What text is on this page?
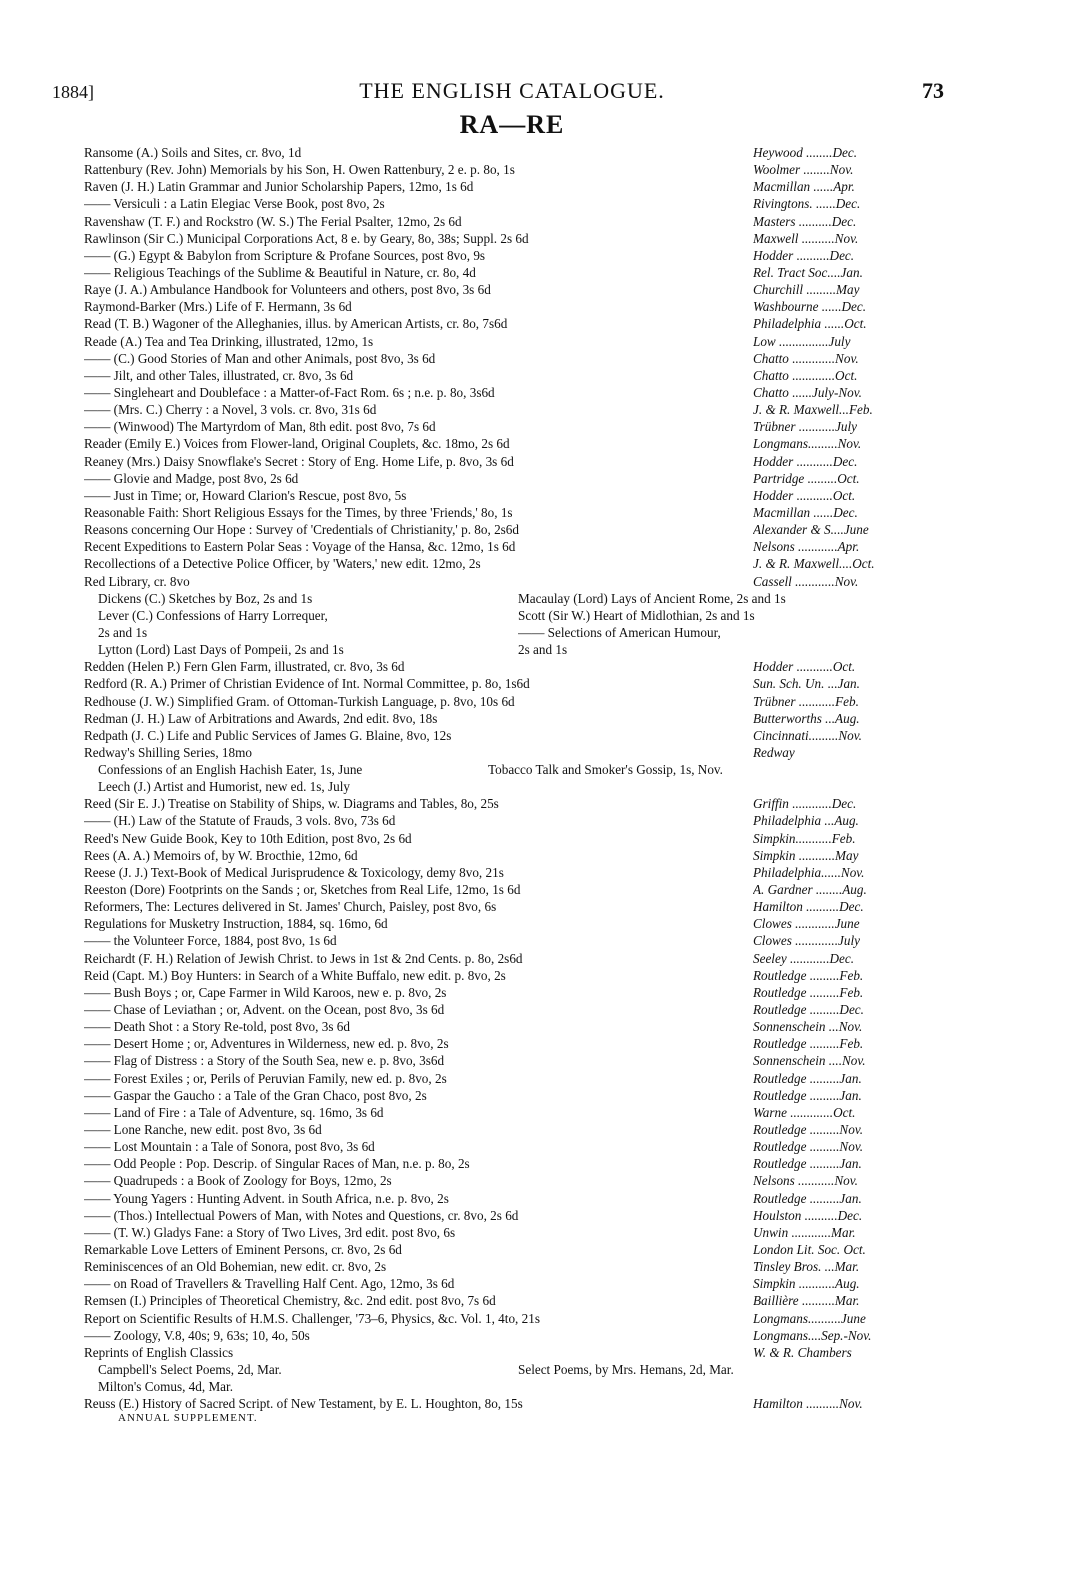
1884]	THE ENGLISH CATALOGUE.	73
RA—RE
Ransome (A.) Soils and Sites, cr. 8vo, 1d	Heywood ........Dec.
Rattenbury (Rev. John) Memorials by his Son, H. Owen Rattenbury, 2 e. p. 8o, 1s	Woolmer ........Nov.
Raven (J. H.) Latin Grammar and Junior Scholarship Papers, 12mo, 1s 6d	Macmillan ......Apr.
—— Versiculi : a Latin Elegiac Verse Book, post 8vo, 2s	Rivingtons. ......Dec.
Ravenshaw (T. F.) and Rockstro (W. S.) The Ferial Psalter, 12mo, 2s 6d	Masters ..........Dec.
Rawlinson (Sir C.) Municipal Corporations Act, 8 e. by Geary, 8o, 38s; Suppl. 2s 6d	Maxwell ..........Nov.
—— (G.) Egypt & Babylon from Scripture & Profane Sources, post 8vo, 9s	Hodder ..........Dec.
—— Religious Teachings of the Sublime & Beautiful in Nature, cr. 8o, 4d	Rel. Tract Soc....Jan.
Raye (J. A.) Ambulance Handbook for Volunteers and others, post 8vo, 3s 6d	Churchill .........May
Raymond-Barker (Mrs.) Life of F. Hermann, 3s 6d	Washbourne ......Dec.
Read (T. B.) Wagoner of the Alleghanies, illus. by American Artists, cr. 8o, 7s6d	Philadelphia ......Oct.
Reade (A.) Tea and Tea Drinking, illustrated, 12mo, 1s	Low ...............July
—— (C.) Good Stories of Man and other Animals, post 8vo, 3s 6d	Chatto .............Nov.
—— Jilt, and other Tales, illustrated, cr. 8vo, 3s 6d	Chatto .............Oct.
—— Singleheart and Doubleface : a Matter-of-Fact Rom. 6s ; n.e. p. 8o, 3s6d	Chatto ......July-Nov.
—— (Mrs. C.) Cherry : a Novel, 3 vols. cr. 8vo, 31s 6d	J. & R. Maxwell...Feb.
—— (Winwood) The Martyrdom of Man, 8th edit. post 8vo, 7s 6d	Trübner ...........July
Reader (Emily E.) Voices from Flower-land, Original Couplets, &c. 18mo, 2s 6d	Longmans.........Nov.
Reaney (Mrs.) Daisy Snowflake's Secret : Story of Eng. Home Life, p. 8vo, 3s 6d	Hodder ...........Dec.
—— Glovie and Madge, post 8vo, 2s 6d	Partridge .........Oct.
—— Just in Time; or, Howard Clarion's Rescue, post 8vo, 5s	Hodder ...........Oct.
Reasonable Faith: Short Religious Essays for the Times, by three 'Friends,' 8o, 1s	Macmillan ......Dec.
Reasons concerning Our Hope : Survey of 'Credentials of Christianity,' p. 8o, 2s6d	Alexander & S....June
Recent Expeditions to Eastern Polar Seas : Voyage of the Hansa, &c. 12mo, 1s 6d	Nelsons ............Apr.
Recollections of a Detective Police Officer, by 'Waters,' new edit. 12mo, 2s	J. & R. Maxwell....Oct.
Red Library, cr. 8vo	Cassell ............Nov.
Dickens (C.) Sketches by Boz, 2s and 1s	Macaulay (Lord) Lays of Ancient Rome, 2s and 1s
Lever (C.) Confessions of Harry Lorrequer,	Scott (Sir W.) Heart of Midlothian, 2s and 1s
2s and 1s	—— Selections of American Humour,
Lytton (Lord) Last Days of Pompeii, 2s and 1s	2s and 1s
Redden (Helen P.) Fern Glen Farm, illustrated, cr. 8vo, 3s 6d	Hodder ...........Oct.
Redford (R. A.) Primer of Christian Evidence of Int. Normal Committee, p. 8o, 1s6d	Sun. Sch. Un. ...Jan.
Redhouse (J. W.) Simplified Gram. of Ottoman-Turkish Language, p. 8vo, 10s 6d	Trübner ...........Feb.
Redman (J. H.) Law of Arbitrations and Awards, 2nd edit. 8vo, 18s	Butterworths ...Aug.
Redpath (J. C.) Life and Public Services of James G. Blaine, 8vo, 12s	Cincinnati.........Nov.
Redway's Shilling Series, 18mo	Redway
Confessions of an English Hachish Eater, 1s, June	Tobacco Talk and Smoker's Gossip, 1s, Nov.
Leech (J.) Artist and Humorist, new ed. 1s, July
Reed (Sir E. J.) Treatise on Stability of Ships, w. Diagrams and Tables, 8o, 25s	Griffin ............Dec.
—— (H.) Law of the Statute of Frauds, 3 vols. 8vo, 73s 6d	Philadelphia ...Aug.
Reed's New Guide Book, Key to 10th Edition, post 8vo, 2s 6d	Simpkin...........Feb.
Rees (A. A.) Memoirs of, by W. Brocthie, 12mo, 6d	Simpkin ...........May
Reese (J. J.) Text-Book of Medical Jurisprudence & Toxicology, demy 8vo, 21s	Philadelphia......Nov.
Reeston (Dore) Footprints on the Sands ; or, Sketches from Real Life, 12mo, 1s 6d	A. Gardner ........Aug.
Reformers, The: Lectures delivered in St. James' Church, Paisley, post 8vo, 6s	Hamilton ..........Dec.
Regulations for Musketry Instruction, 1884, sq. 16mo, 6d	Clowes ............June
—— the Volunteer Force, 1884, post 8vo, 1s 6d	Clowes .............July
Reichardt (F. H.) Relation of Jewish Christ. to Jews in 1st & 2nd Cents. p. 8o, 2s6d	Seeley ............Dec.
Reid (Capt. M.) Boy Hunters: in Search of a White Buffalo, new edit. p. 8vo, 2s	Routledge .........Feb.
—— Bush Boys ; or, Cape Farmer in Wild Karoos, new e. p. 8vo, 2s	Routledge .........Feb.
—— Chase of Leviathan ; or, Advent. on the Ocean, post 8vo, 3s 6d	Routledge .........Dec.
—— Death Shot : a Story Re-told, post 8vo, 3s 6d	Sonnenschein ...Nov.
—— Desert Home ; or, Adventures in Wilderness, new ed. p. 8vo, 2s	Routledge .........Feb.
—— Flag of Distress : a Story of the South Sea, new e. p. 8vo, 3s6d	Sonnenschein ....Nov.
—— Forest Exiles ; or, Perils of Peruvian Family, new ed. p. 8vo, 2s	Routledge .........Jan.
—— Gaspar the Gaucho : a Tale of the Gran Chaco, post 8vo, 2s	Routledge .........Jan.
—— Land of Fire : a Tale of Adventure, sq. 16mo, 3s 6d	Warne .............Oct.
—— Lone Ranche, new edit. post 8vo, 3s 6d	Routledge .........Nov.
—— Lost Mountain : a Tale of Sonora, post 8vo, 3s 6d	Routledge .........Nov.
—— Odd People : Pop. Descrip. of Singular Races of Man, n.e. p. 8o, 2s	Routledge .........Jan.
—— Quadrupeds : a Book of Zoology for Boys, 12mo, 2s	Nelsons ...........Nov.
—— Young Yagers : Hunting Advent. in South Africa, n.e. p. 8vo, 2s	Routledge .........Jan.
—— (Thos.) Intellectual Powers of Man, with Notes and Questions, cr. 8vo, 2s 6d	Houlston ..........Dec.
—— (T. W.) Gladys Fane: a Story of Two Lives, 3rd edit. post 8vo, 6s	Unwin ............Mar.
Remarkable Love Letters of Eminent Persons, cr. 8vo, 2s 6d	London Lit. Soc. Oct.
Reminiscences of an Old Bohemian, new edit. cr. 8vo, 2s	Tinsley Bros. ...Mar.
—— on Road of Travellers & Travelling Half Cent. Ago, 12mo, 3s 6d	Simpkin ...........Aug.
Remsen (I.) Principles of Theoretical Chemistry, &c. 2nd edit. post 8vo, 7s 6d	Baillière ..........Mar.
Report on Scientific Results of H.M.S. Challenger, '73–6, Physics, &c. Vol. 1, 4to, 21s	Longmans..........June
—— Zoology, V.8, 40s; 9, 63s; 10, 4o, 50s	Longmans....Sep.-Nov.
Reprints of English Classics	W. & R. Chambers
Campbell's Select Poems, 2d, Mar.	Select Poems, by Mrs. Hemans, 2d, Mar.
Milton's Comus, 4d, Mar.
Reuss (E.) History of Sacred Script. of New Testament, by E. L. Houghton, 8o, 15s	Hamilton ..........Nov.
ANNUAL SUPPLEMENT.
